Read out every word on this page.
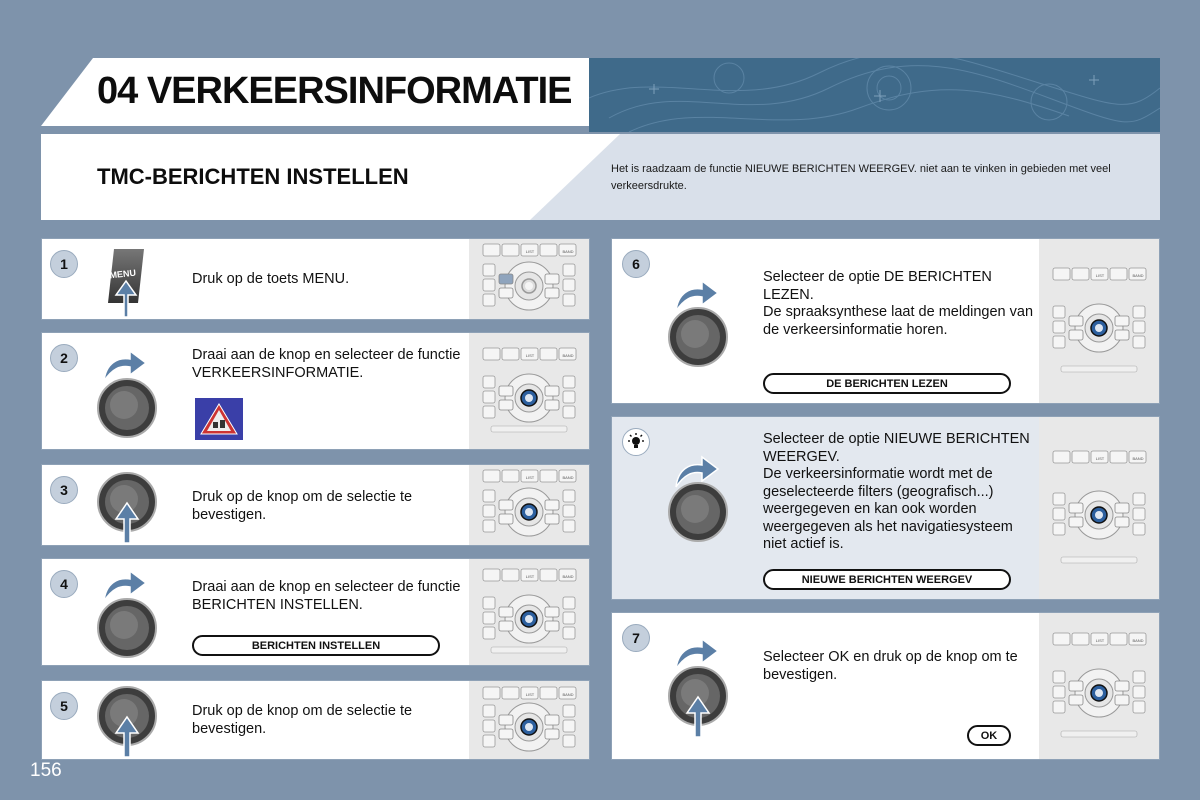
04 VERKEERSINFORMATIE
TMC-BERICHTEN INSTELLEN	Het is raadzaam de functie NIEUWE BERICHTEN WEERGEV. niet aan te vinken in gebieden met veel verkeersdrukte.
1
MENU	Druk op de toets MENU.
LIST	BAND
2	Draai aan de knop en selecteer de functie VERKEERSINFORMATIE.
LIST	BAND
3	Druk op de knop om de selectie te bevestigen.
LIST	BAND
4	Draai aan de knop en selecteer de functie BERICHTEN INSTELLEN.
BERICHTEN INSTELLEN
LIST	BAND
5	Druk op de knop om de selectie te bevestigen.
LIST	BAND
6
Selecteer de optie DE BERICHTEN LEZEN.
De spraaksynthese laat de meldingen van de verkeersinformatie horen.
DE BERICHTEN LEZEN
LIST	BAND
Selecteer de optie NIEUWE BERICHTEN WEERGEV.
De verkeersinformatie wordt met de geselecteerde filters (geografisch...) weergegeven en kan ook worden weergegeven als het navigatiesysteem niet actief is.
NIEUWE BERICHTEN WEERGEV
LIST	BAND
7
Selecteer OK en druk op de knop om te bevestigen.
OK
LIST	BAND
156
